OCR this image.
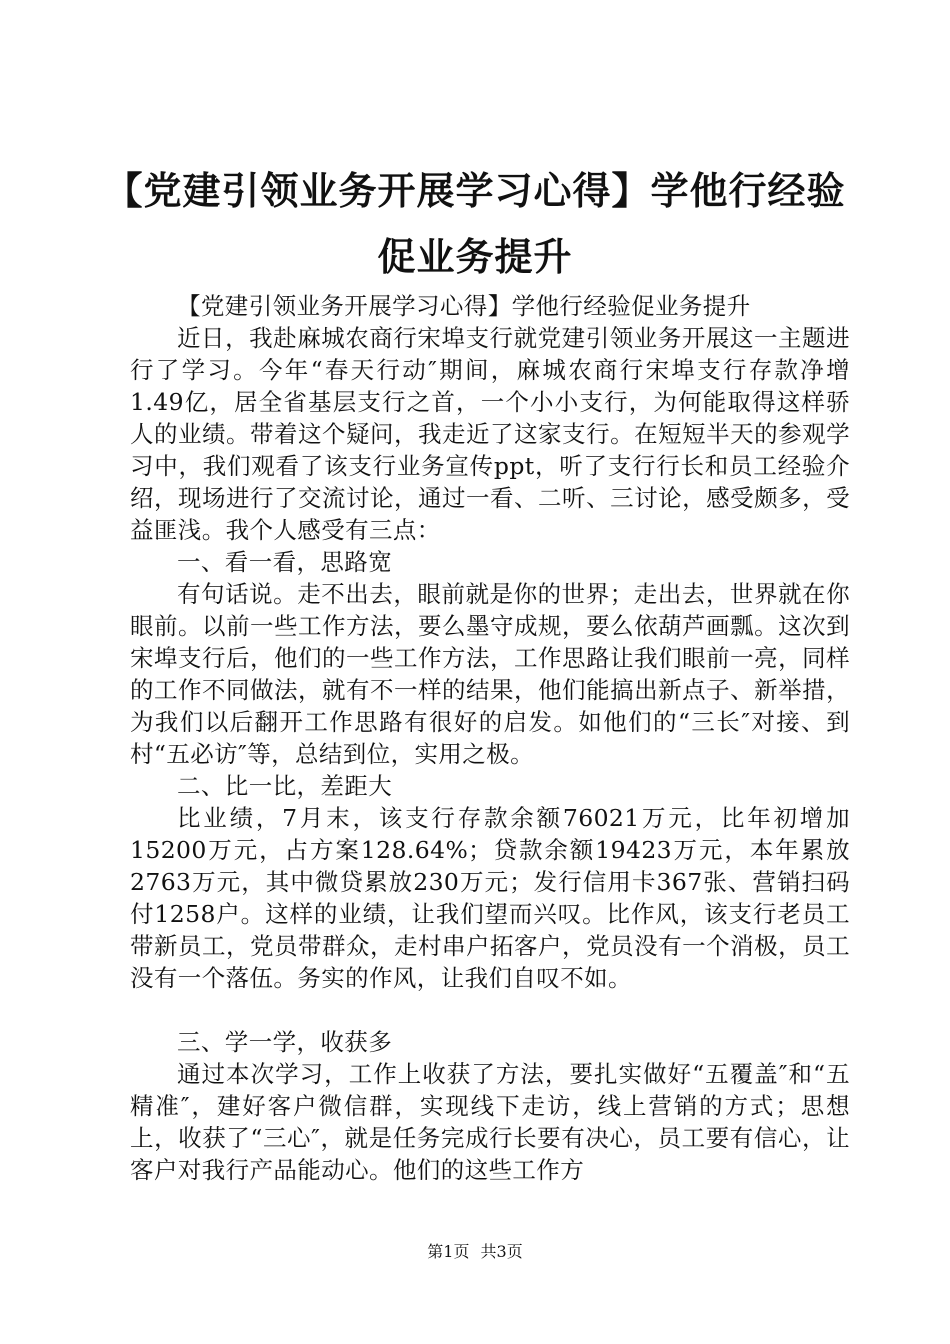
【党建引领业务开展学习心得】学他行经验促业务提升

【党建引领业务开展学习心得】学他行经验促业务提升

近日，我赴麻城农商行宋埠支行就党建引领业务开展这一主题进行了学习。今年“春天行动″期间，麻城农商行宋埠支行存款净增1.49亿，居全省基层支行之首，一个小小支行，为何能取得这样骄人的业绩。带着这个疑问，我走近了这家支行。在短短半天的参观学习中，我们观看了该支行业务宣传ppt，听了支行行长和员工经验介绍，现场进行了交流讨论，通过一看、二听、三讨论，感受颇多，受益匪浅。我个人感受有三点：

一、看一看，思路宽

有句话说。走不出去，眼前就是你的世界；走出去，世界就在你眼前。以前一些工作方法，要么墨守成规，要么依葫芦画瓢。这次到宋埠支行后，他们的一些工作方法，工作思路让我们眼前一亮，同样的工作不同做法，就有不一样的结果，他们能搞出新点子、新举措，为我们以后翻开工作思路有很好的启发。如他们的“三长″对接、到村“五必访″等，总结到位，实用之极。

二、比一比，差距大

比业绩，7月末，该支行存款余额76021万元，比年初增加15200万元，占方案128.64%；贷款余额19423万元，本年累放2763万元，其中微贷累放230万元；发行信用卡367张、营销扫码付1258户。这样的业绩，让我们望而兴叹。比作风，该支行老员工带新员工，党员带群众，走村串户拓客户，党员没有一个消极，员工没有一个落伍。务实的作风，让我们自叹不如。

三、学一学，收获多

通过本次学习，工作上收获了方法，要扎实做好“五覆盖″和“五精准″，建好客户微信群，实现线下走访，线上营销的方式；思想上，收获了“三心″，就是任务完成行长要有决心，员工要有信心，让客户对我行产品能动心。他们的这些工作方

第1页 共3页
